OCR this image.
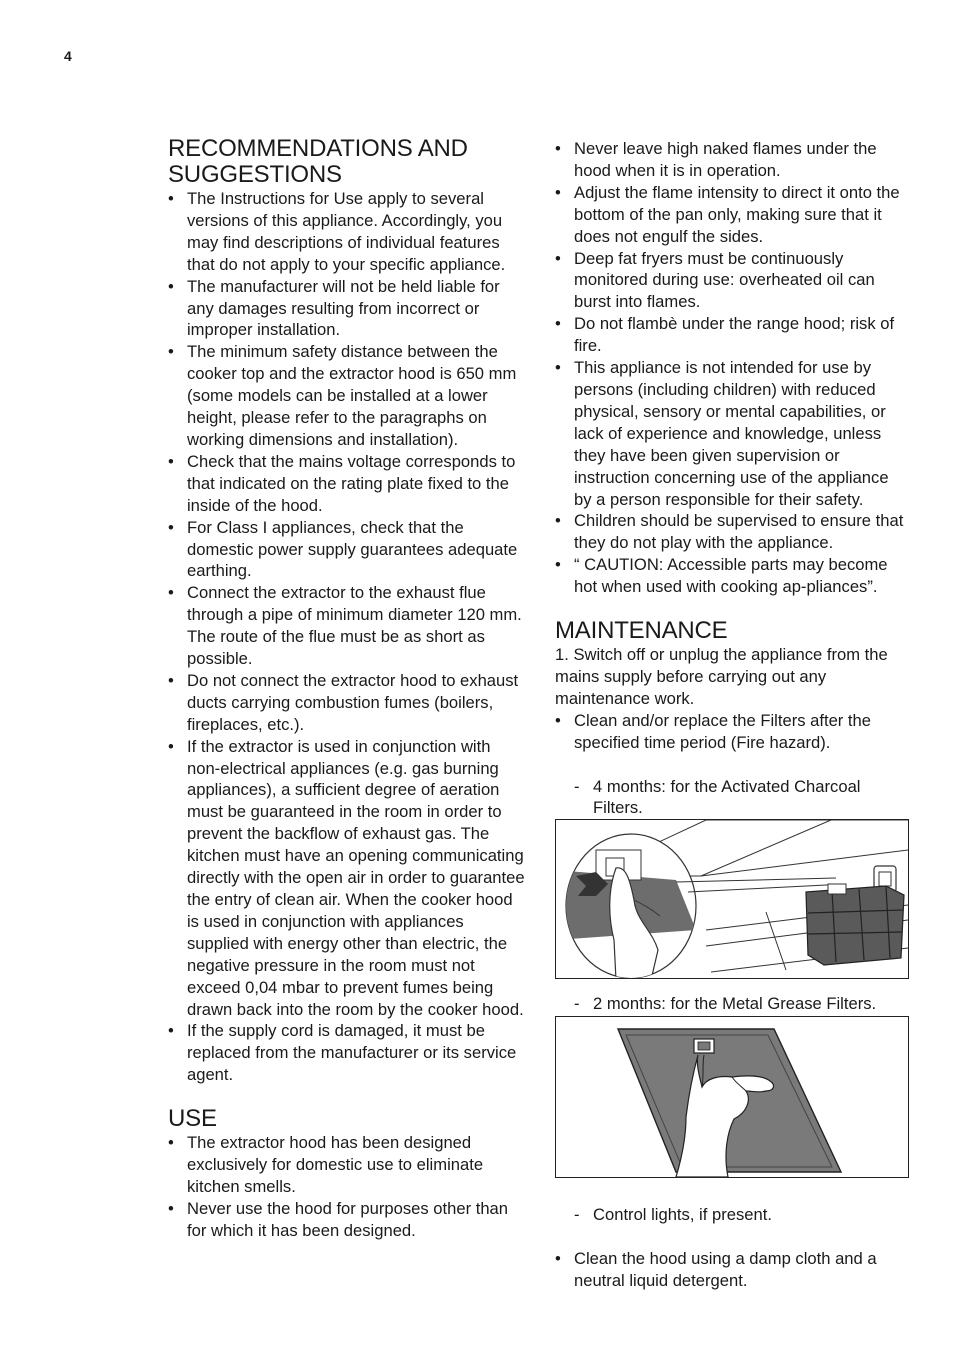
4
RECOMMENDATIONS AND
SUGGESTIONS
• The Instructions for Use apply to several versions of this appliance. Accordingly, you may find descriptions of individual features that do not apply to your specific appliance.
• The manufacturer will not be held liable for any damages resulting from incorrect or improper installation.
• The minimum safety distance between the cooker top and the extractor hood is 650 mm (some models can be installed at a lower height, please refer to the paragraphs on working dimensions and installation).
• Check that the mains voltage corresponds to that indicated on the rating plate fixed to the inside of the hood.
• For Class I appliances, check that the domestic power supply guarantees adequate earthing.
• Connect the extractor to the exhaust flue through a pipe of minimum diameter 120 mm. The route of the flue must be as short as possible.
• Do not connect the extractor hood to exhaust ducts carrying combustion fumes (boilers, fireplaces, etc.).
• If the extractor is used in conjunction with non-electrical appliances (e.g. gas burning appliances), a sufficient degree of aeration must be guaranteed in the room in order to prevent the backflow of exhaust gas. The kitchen must have an opening communicating directly with the open air in order to guarantee the entry of clean air. When the cooker hood is used in conjunction with appliances supplied with energy other than electric, the negative pressure in the room must not exceed 0,04 mbar to prevent fumes being drawn back into the room by the cooker hood.
• If the supply cord is damaged, it must be replaced from the manufacturer or its service agent.
USE
• The extractor hood has been designed exclusively for domestic use to eliminate kitchen smells.
• Never use the hood for purposes other than for which it has been designed.
• Never leave high naked flames under the hood when it is in operation.
• Adjust the flame intensity to direct it onto the bottom of the pan only, making sure that it does not engulf the sides.
• Deep fat fryers must be continuously monitored during use: overheated oil can burst into flames.
• Do not flambè under the range hood; risk of fire.
• This appliance is not intended for use by persons (including children) with reduced physical, sensory or mental capabilities, or lack of experience and knowledge, unless they have been given supervision or instruction concerning use of the appliance by a person responsible for their safety.
• Children should be supervised to ensure that they do not play with the appliance.
• “ CAUTION: Accessible parts may become hot when used with cooking ap-pliances”.
MAINTENANCE
1. Switch off or unplug the appliance from the mains supply before carrying out any maintenance work.
• Clean and/or replace the Filters after the specified time period (Fire hazard).
- 4 months: for the Activated Charcoal Filters.
- 2 months: for the Metal Grease Filters.
- Control lights, if present.
• Clean the hood using a damp cloth and a neutral liquid detergent.
